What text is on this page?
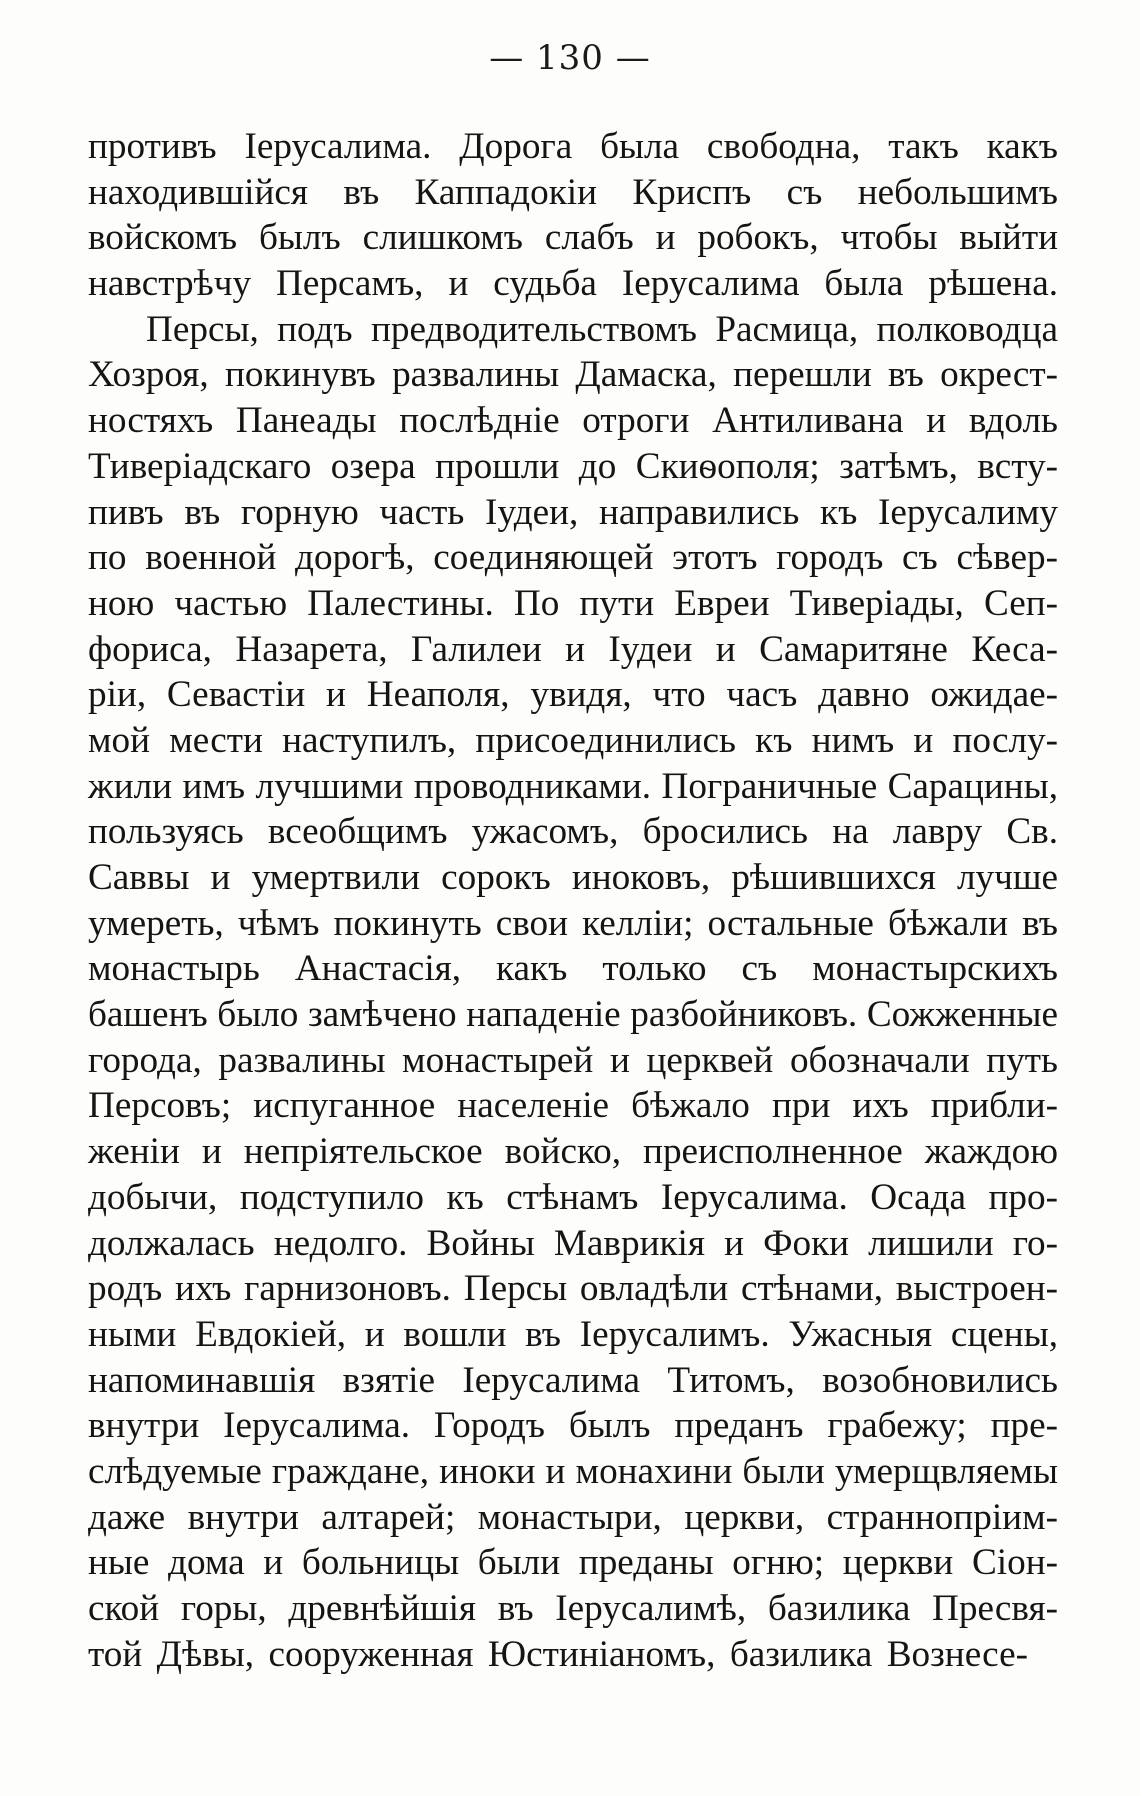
— 130 —
противъ Іерусалима. Дорога была свободна, такъ какъ
находившійся въ Каппадокіи Криспъ съ небольшимъ
войскомъ былъ слишкомъ слабъ и робокъ, чтобы выйти
навстрѣчу Персамъ, и судьба Іерусалима была рѣшена.
Персы, подъ предводительствомъ Расмица, полководца
Хозроя, покинувъ развалины Дамаска, перешли въ окрест-
ностяхъ Панеады послѣдніе отроги Антиливана и вдоль
Тиверіадскаго озера прошли до Скиѳополя; затѣмъ, всту-
пивъ въ горную часть Іудеи, направились къ Іерусалиму
по военной дорогѣ, соединяющей этотъ городъ съ сѣвер-
ною частью Палестины. По пути Евреи Тиверіады, Сеп-
фориса, Назарета, Галилеи и Іудеи и Самаритяне Кеса-
ріи, Севастіи и Неаполя, увидя, что часъ давно ожидае-
мой мести наступилъ, присоединились къ нимъ и послу-
жили имъ лучшими проводниками. Пограничные Сарацины,
пользуясь всеобщимъ ужасомъ, бросились на лавру Св.
Саввы и умертвили сорокъ иноковъ, рѣшившихся лучше
умереть, чѣмъ покинуть свои келліи; остальные бѣжали въ
монастырь Анастасія, какъ только съ монастырскихъ
башенъ было замѣчено нападеніе разбойниковъ. Сожженные
города, развалины монастырей и церквей обозначали путь
Персовъ; испуганное населеніе бѣжало при ихъ прибли-
женіи и непріятельское войско, преисполненное жаждою
добычи, подступило къ стѣнамъ Іерусалима. Осада про-
должалась недолго. Войны Маврикія и Фоки лишили го-
родъ ихъ гарнизоновъ. Персы овладѣли стѣнами, выстроен-
ными Евдокіей, и вошли въ Іерусалимъ. Ужасныя сцены,
напоминавшія взятіе Іерусалима Титомъ, возобновились
внутри Іерусалима. Городъ былъ преданъ грабежу; пре-
слѣдуемые граждане, иноки и монахини были умерщвляемы
даже внутри алтарей; монастыри, церкви, страннопріим-
ные дома и больницы были преданы огню; церкви Сіон-
ской горы, древнѣйшія въ Іерусалимѣ, базилика Пресвя-
той Дѣвы, сооруженная Юстиніаномъ, базилика Вознесе-
